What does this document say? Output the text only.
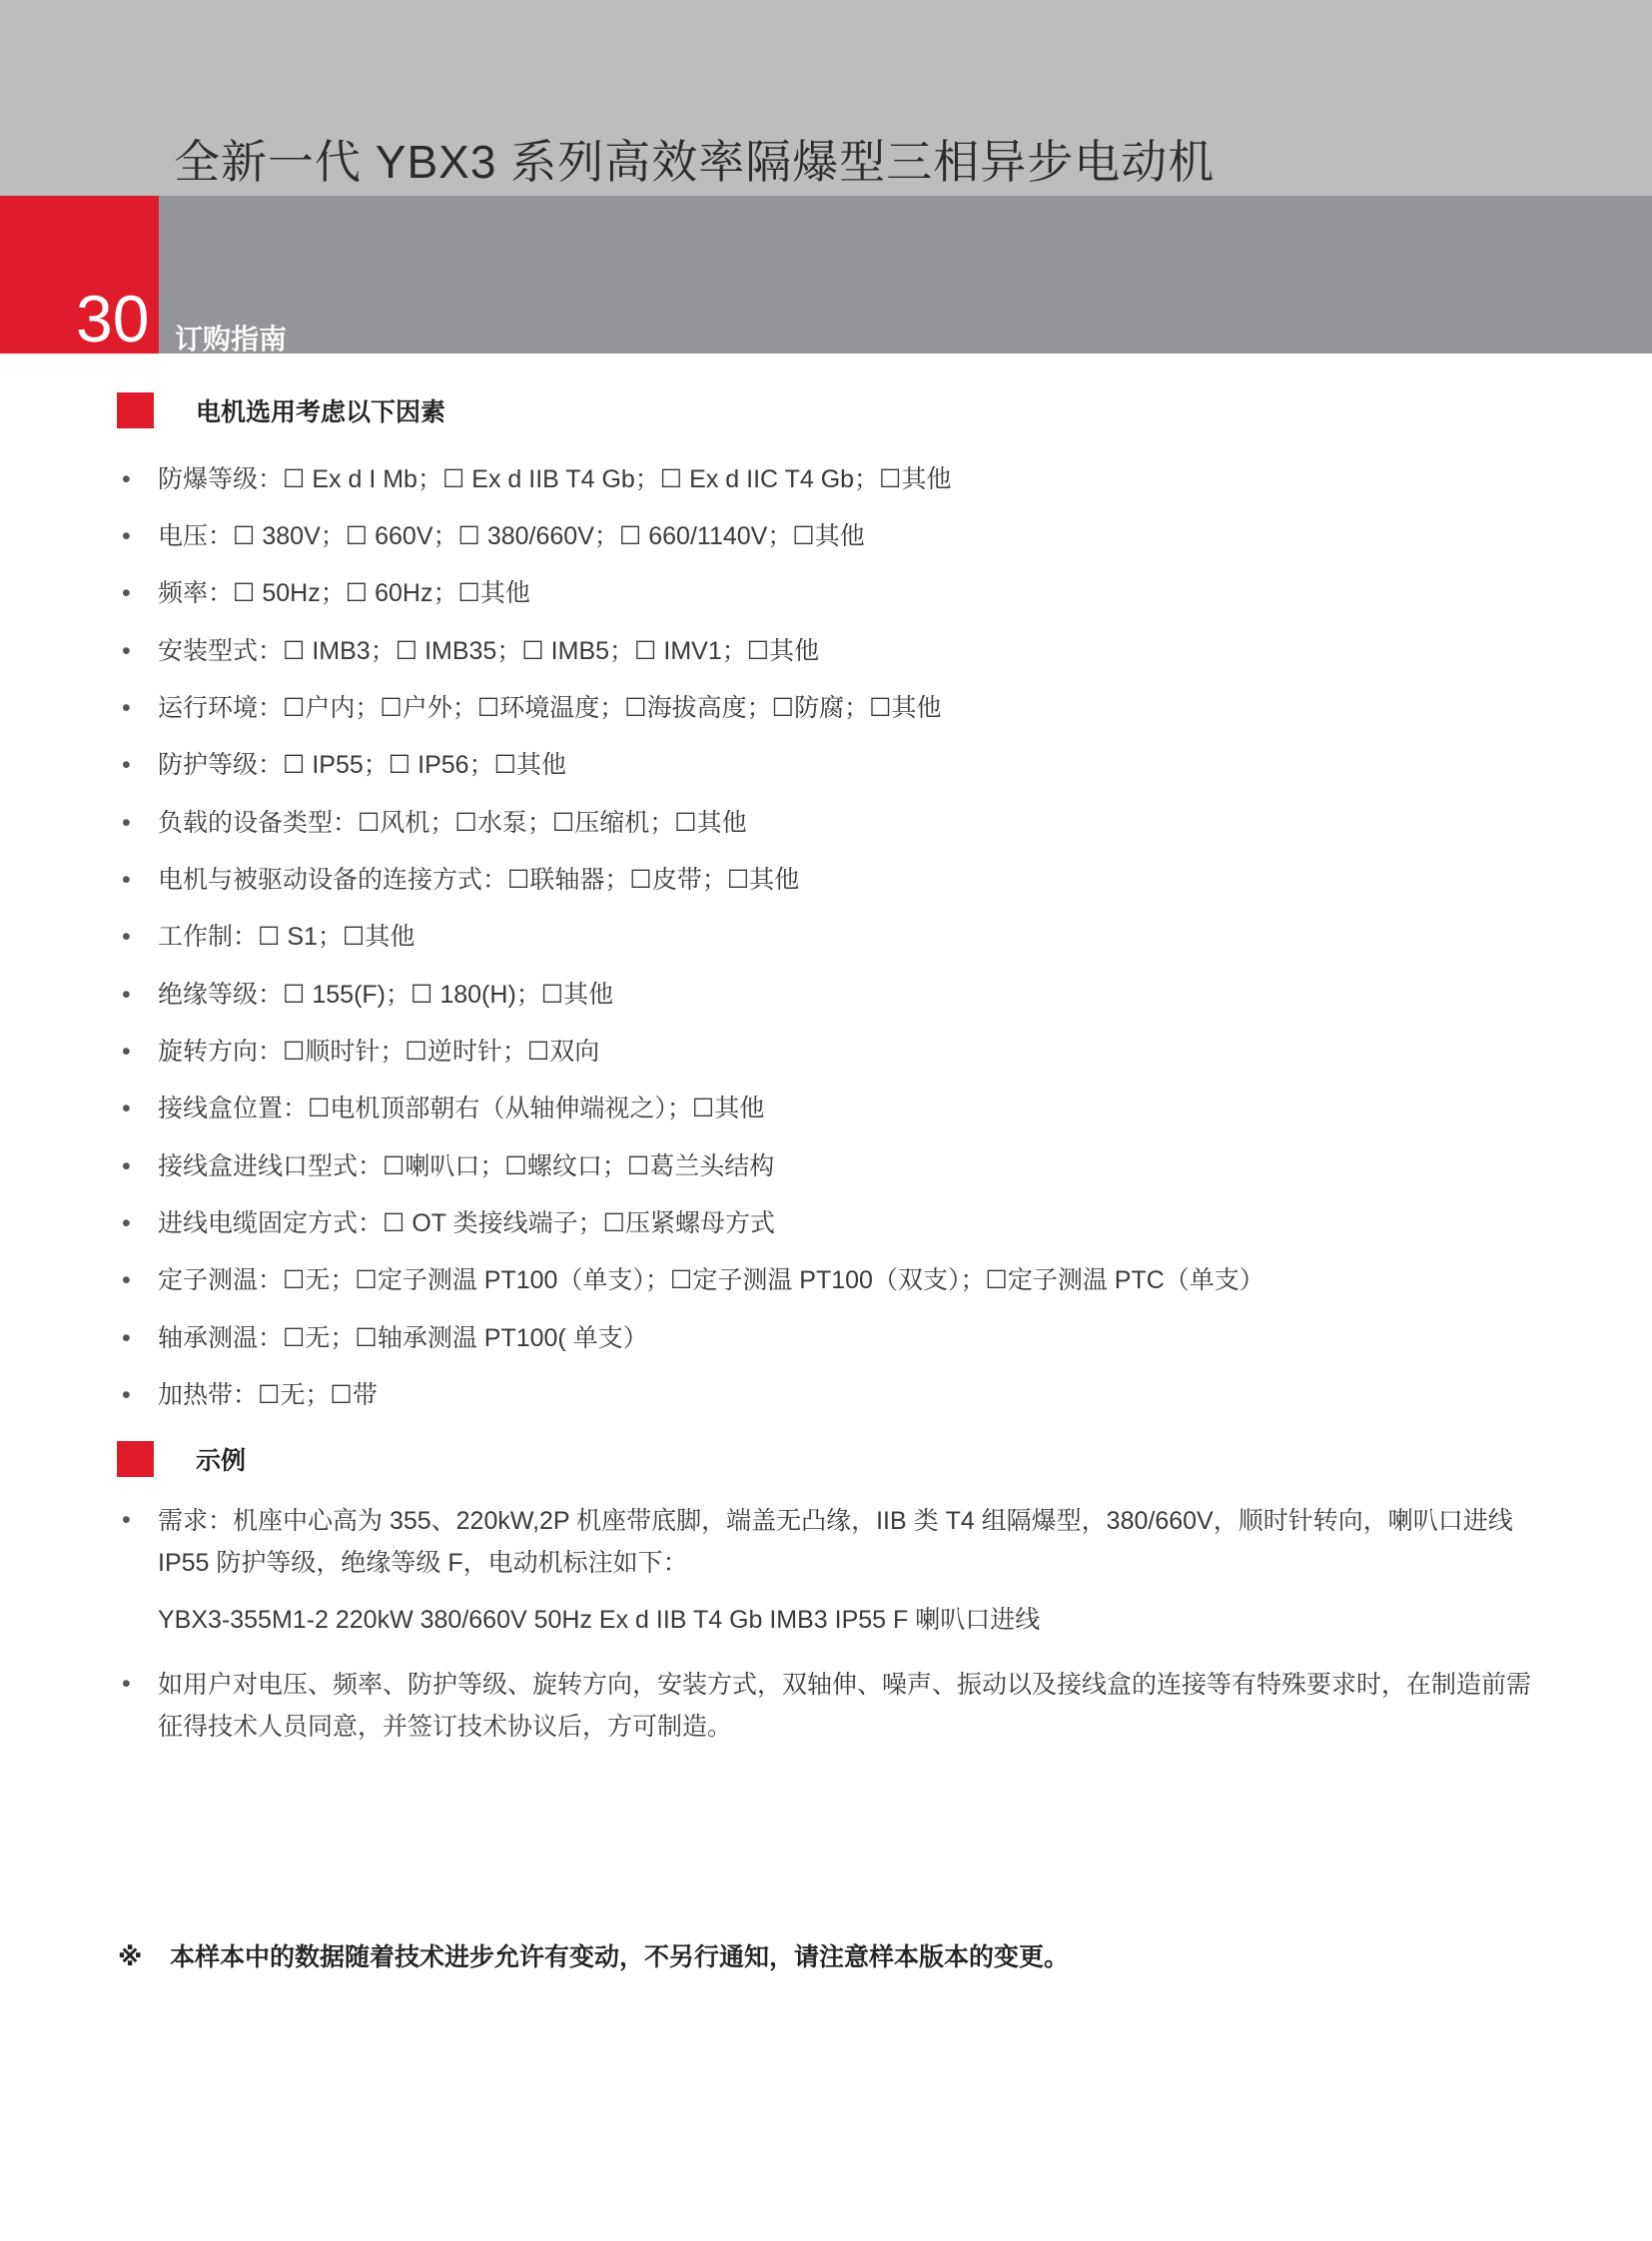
全新一代 YBX3 系列高效率隔爆型三相异步电动机
30 订购指南
电机选用考虑以下因素
•	防爆等级：☐ Ex d I Mb；☐ Ex d IIB T4 Gb；☐ Ex d IIC T4 Gb；☐其他
•	电压：☐ 380V；☐ 660V；☐ 380/660V；☐ 660/1140V；☐其他
•	频率：☐ 50Hz；☐ 60Hz；☐其他
•	安装型式：☐ IMB3；☐ IMB35；☐ IMB5；☐ IMV1；☐其他
•	运行环境：☐户内；☐户外；☐环境温度；☐海拔高度；☐防腐；☐其他
•	防护等级：☐ IP55；☐ IP56；☐其他
•	负载的设备类型：☐风机；☐水泵；☐压缩机；☐其他
•	电机与被驱动设备的连接方式：☐联轴器；☐皮带；☐其他
•	工作制：☐ S1；☐其他
•	绝缘等级：☐ 155(F)；☐ 180(H)；☐其他
•	旋转方向：☐顺时针；☐逆时针；☐双向
•	接线盒位置：☐电机顶部朝右（从轴伸端视之）；☐其他
•	接线盒进线口型式：☐喇叭口；☐螺纹口；☐葛兰头结构
•	进线电缆固定方式：☐ OT 类接线端子；☐压紧螺母方式
•	定子测温：☐无；☐定子测温 PT100（单支）；☐定子测温 PT100（双支）；☐定子测温 PTC（单支）
•	轴承测温：☐无；☐轴承测温 PT100( 单支）
•	加热带：☐无；☐带
示例
•	需求：机座中心高为 355、220kW,2P 机座带底脚，端盖无凸缘，IIB 类 T4 组隔爆型，380/660V，顺时针转向，喇叭口进线IP55 防护等级，绝缘等级 F，电动机标注如下：
YBX3-355M1-2 220kW 380/660V 50Hz Ex d IIB T4 Gb IMB3 IP55 F 喇叭口进线
•	如用户对电压、频率、防护等级、旋转方向，安装方式，双轴伸、噪声、振动以及接线盒的连接等有特殊要求时，在制造前需征得技术人员同意，并签订技术协议后，方可制造。
※ 本样本中的数据随着技术进步允许有变动，不另行通知，请注意样本版本的变更。
